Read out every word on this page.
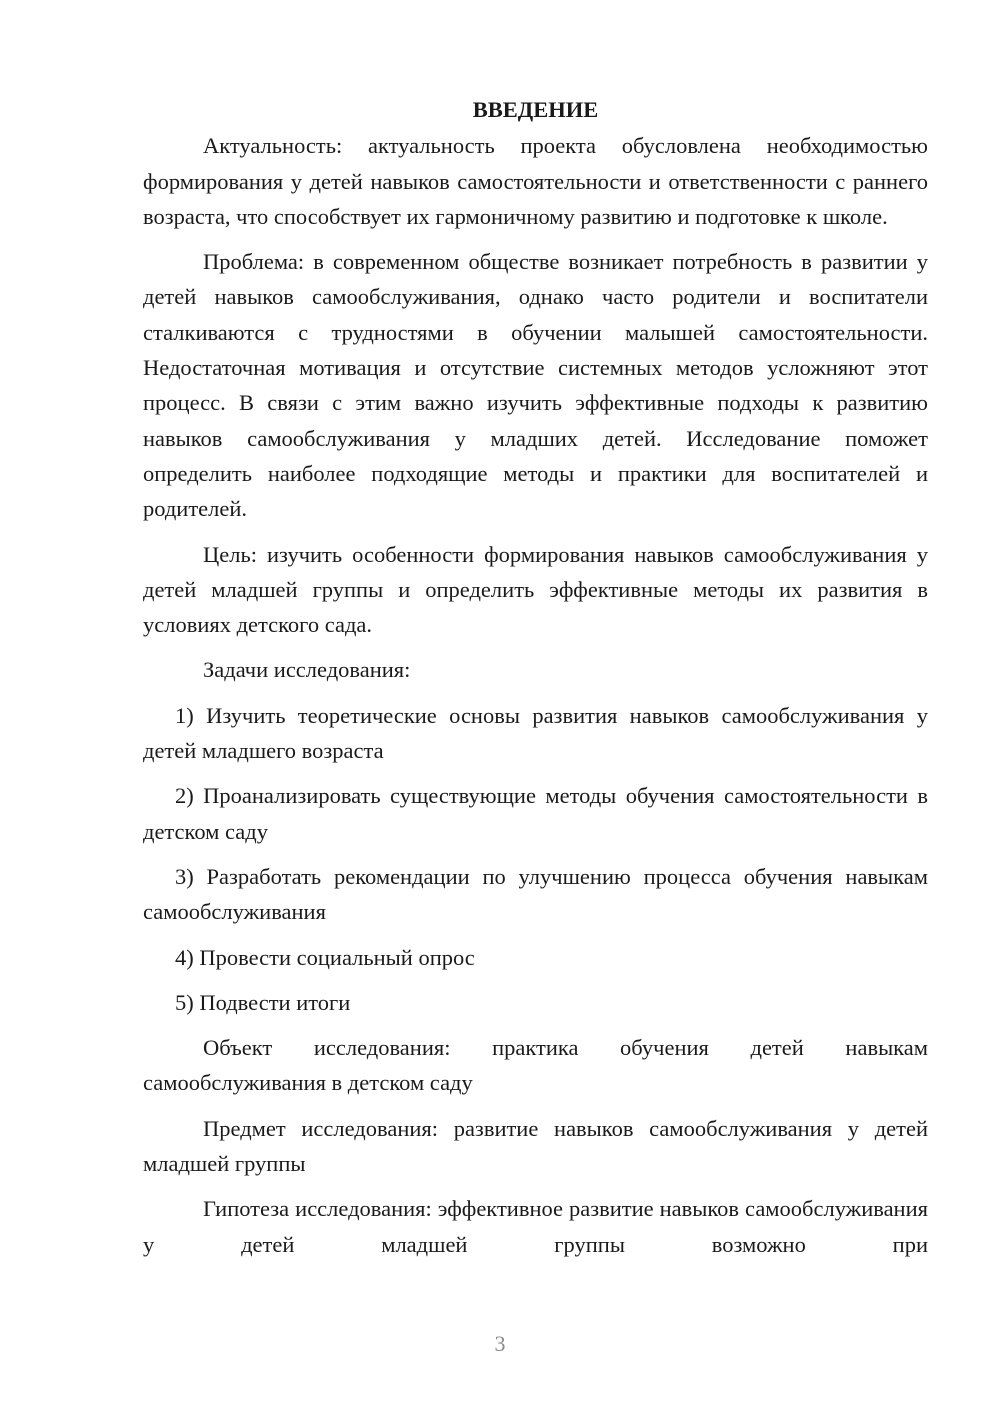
ВВЕДЕНИЕ

Актуальность: актуальность проекта обусловлена необходимостью формирования у детей навыков самостоятельности и ответственности с раннего возраста, что способствует их гармоничному развитию и подготовке к школе.

Проблема: в современном обществе возникает потребность в развитии у детей навыков самообслуживания, однако часто родители и воспитатели сталкиваются с трудностями в обучении малышей самостоятельности. Недостаточная мотивация и отсутствие системных методов усложняют этот процесс. В связи с этим важно изучить эффективные подходы к развитию навыков самообслуживания у младших детей. Исследование поможет определить наиболее подходящие методы и практики для воспитателей и родителей.

Цель: изучить особенности формирования навыков самообслуживания у детей младшей группы и определить эффективные методы их развития в условиях детского сада.

Задачи исследования:

1) Изучить теоретические основы развития навыков самообслуживания у детей младшего возраста

2) Проанализировать существующие методы обучения самостоятельности в детском саду

3) Разработать рекомендации по улучшению процесса обучения навыкам самообслуживания

4) Провести социальный опрос

5) Подвести итоги

Объект исследования: практика обучения детей навыкам самообслуживания в детском саду

Предмет исследования: развитие навыков самообслуживания у детей младшей группы

Гипотеза исследования: эффективное развитие навыков самообслуживания у детей младшей группы возможно при

3
